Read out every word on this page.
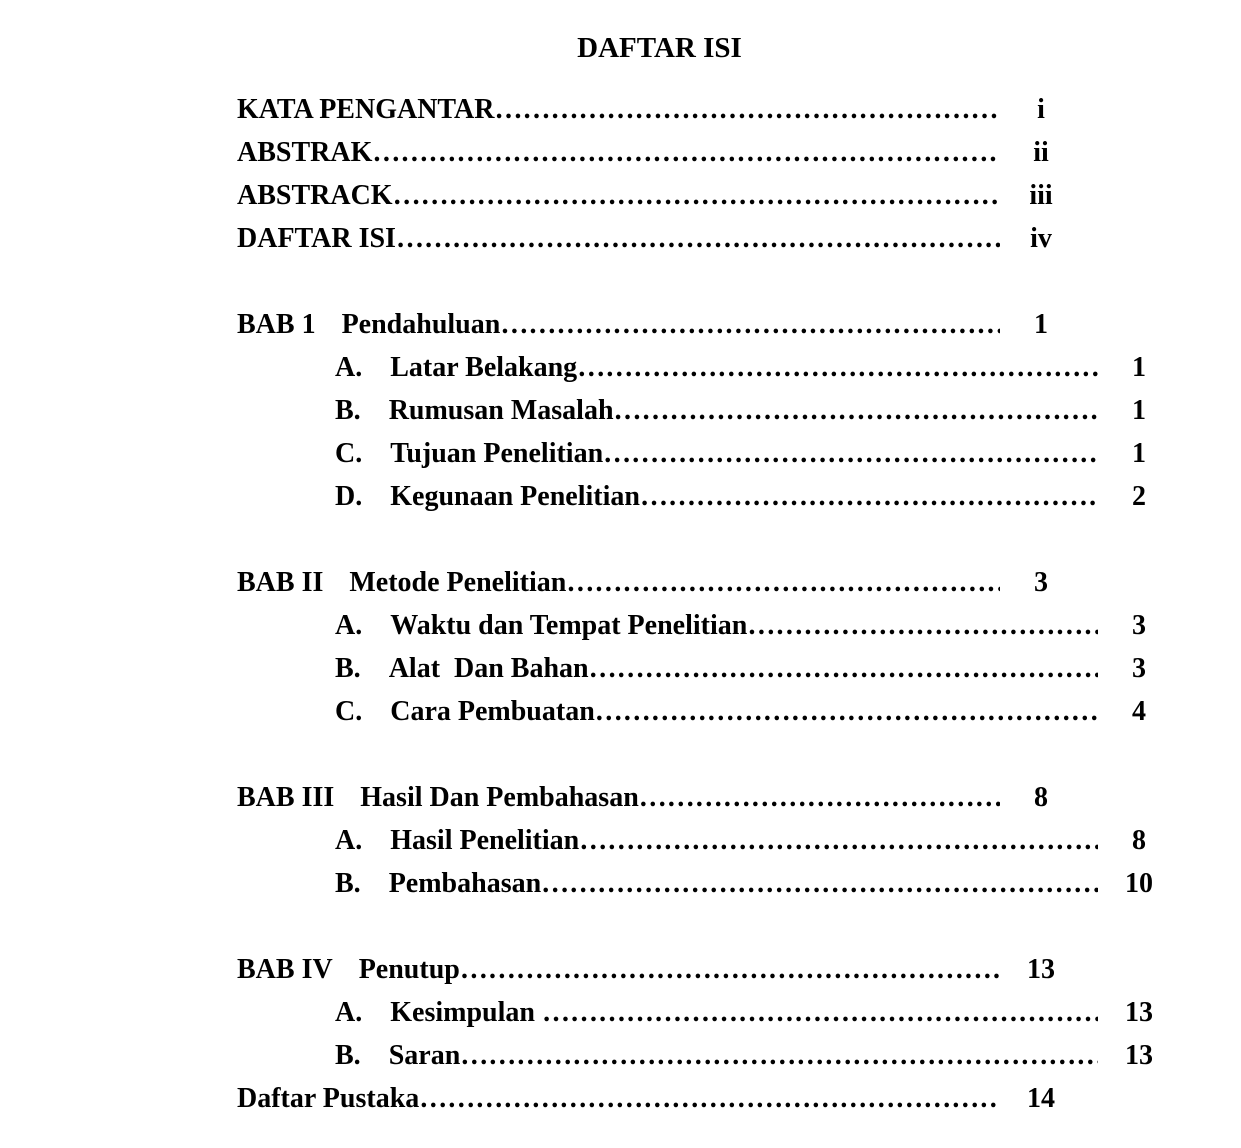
DAFTAR ISI
KATA PENGANTAR ………………………………………………………………………………………………………………………………………………	i
ABSTRAK ………………………………………………………………………………………………………………………………………………	ii
ABSTRACK ………………………………………………………………………………………………………………………………………………	iii
DAFTAR ISI ………………………………………………………………………………………………………………………………………………	iv
BAB 1 Pendahuluan ………………………………………………………………………………………………………………………………………………	1
A. Latar Belakang ………………………………………………………………………………………………………………………………………………	1
B. Rumusan Masalah ………………………………………………………………………………………………………………………………………………	1
C. Tujuan Penelitian ………………………………………………………………………………………………………………………………………………	1
D. Kegunaan Penelitian ………………………………………………………………………………………………………………………………………………	2
BAB II Metode Penelitian ………………………………………………………………………………………………………………………………………………	3
A. Waktu dan Tempat Penelitian ………………………………………………………………………………………………………………………………………………	3
B. Alat  Dan Bahan ………………………………………………………………………………………………………………………………………………	3
C. Cara Pembuatan ………………………………………………………………………………………………………………………………………………	4
BAB III Hasil Dan Pembahasan ………………………………………………………………………………………………………………………………………………	8
A. Hasil Penelitian ………………………………………………………………………………………………………………………………………………	8
B. Pembahasan ………………………………………………………………………………………………………………………………………………	10
BAB IV Penutup ………………………………………………………………………………………………………………………………………………	13
A. Kesimpulan ………………………………………………………………………………………………………………………………………………	13
B. Saran ………………………………………………………………………………………………………………………………………………	13
Daftar Pustaka ………………………………………………………………………………………………………………………………………………	14
